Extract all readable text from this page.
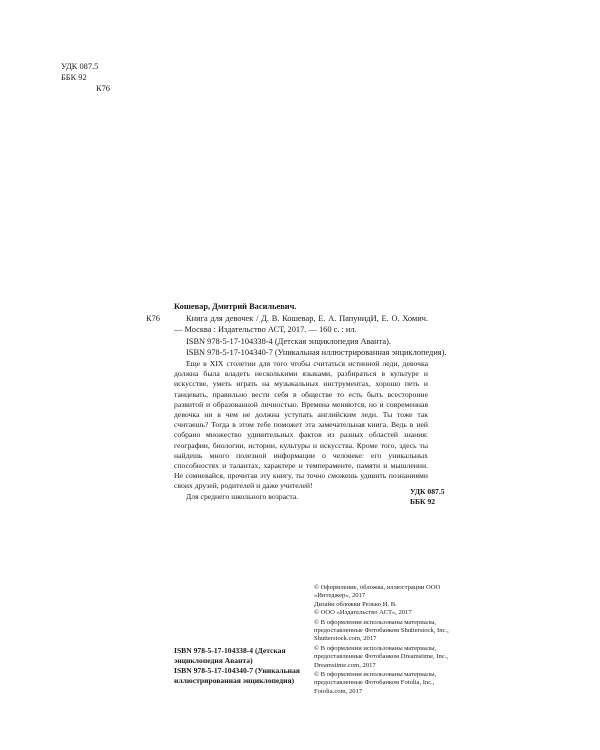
УДК 087.5
ББК 92
К76
К76
Кошевар, Дмитрий Васильевич.

Книга для девочек / Д. В. Кошевар, Е. А. ПапунидИ, Е. О. Хомич. — Москва : Издательство АСТ, 2017. — 160 с. : ил.

ISBN 978-5-17-104338-4 (Детская энциклопедия Аванта).

ISBN 978-5-17-104340-7 (Уникальная иллюстрированная энциклопедия).

Еще в XIX столетии для того чтобы считаться истинной леди, девочка должна была владеть несколькими языками, разбираться в культуре и искусстве, уметь играть на музыкальных инструментах, хорошо петь и танцевать, правильно вести себя в обществе то есть быть всесторонне развитой и образованной личностью. Времена меняются, но и современная девочка ни в чем не должна уступать английским леди. Ты тоже так считаешь? Тогда в этом тебе поможет эта замечательная книга. Ведь в ней собрано множество удивительных фактов из разных областей знания: географии, биологии, истории, культуры и искусства. Кроме того, здесь ты найдешь много полезной информации о человеке: его уникальных способностях и талантах, характере и темпераменте, памяти и мышлении. Не сомневайся, прочитав эту книгу, ты точно сможешь удивить познаниями своих друзей, родителей и даже учителей!

Для среднего школьного возраста.

УДК 087.5
ББК 92

© Оформление, обложка, иллюстрации ООО «Интеджер», 2017

Дизайн обложки Релько И. В.

© ООО «Издательство АСТ», 2017

© В оформлении использованы материалы, предоставленные Фотобанком Shutterstock, Inc., Shutterstock.com, 2017

© В оформлении использованы материалы, предоставленные Фотобанком Dreamstime, Inc., Dreamstime.com, 2017

© В оформлении использованы материалы, предоставленные Фотобанком Fotolia, Inc., Fotolia.com, 2017

ISBN 978-5-17-104338-4 (Детская энциклопедия Аванта)
ISBN 978-5-17-104340-7 (Уникальная иллюстрированная энциклопедия)
